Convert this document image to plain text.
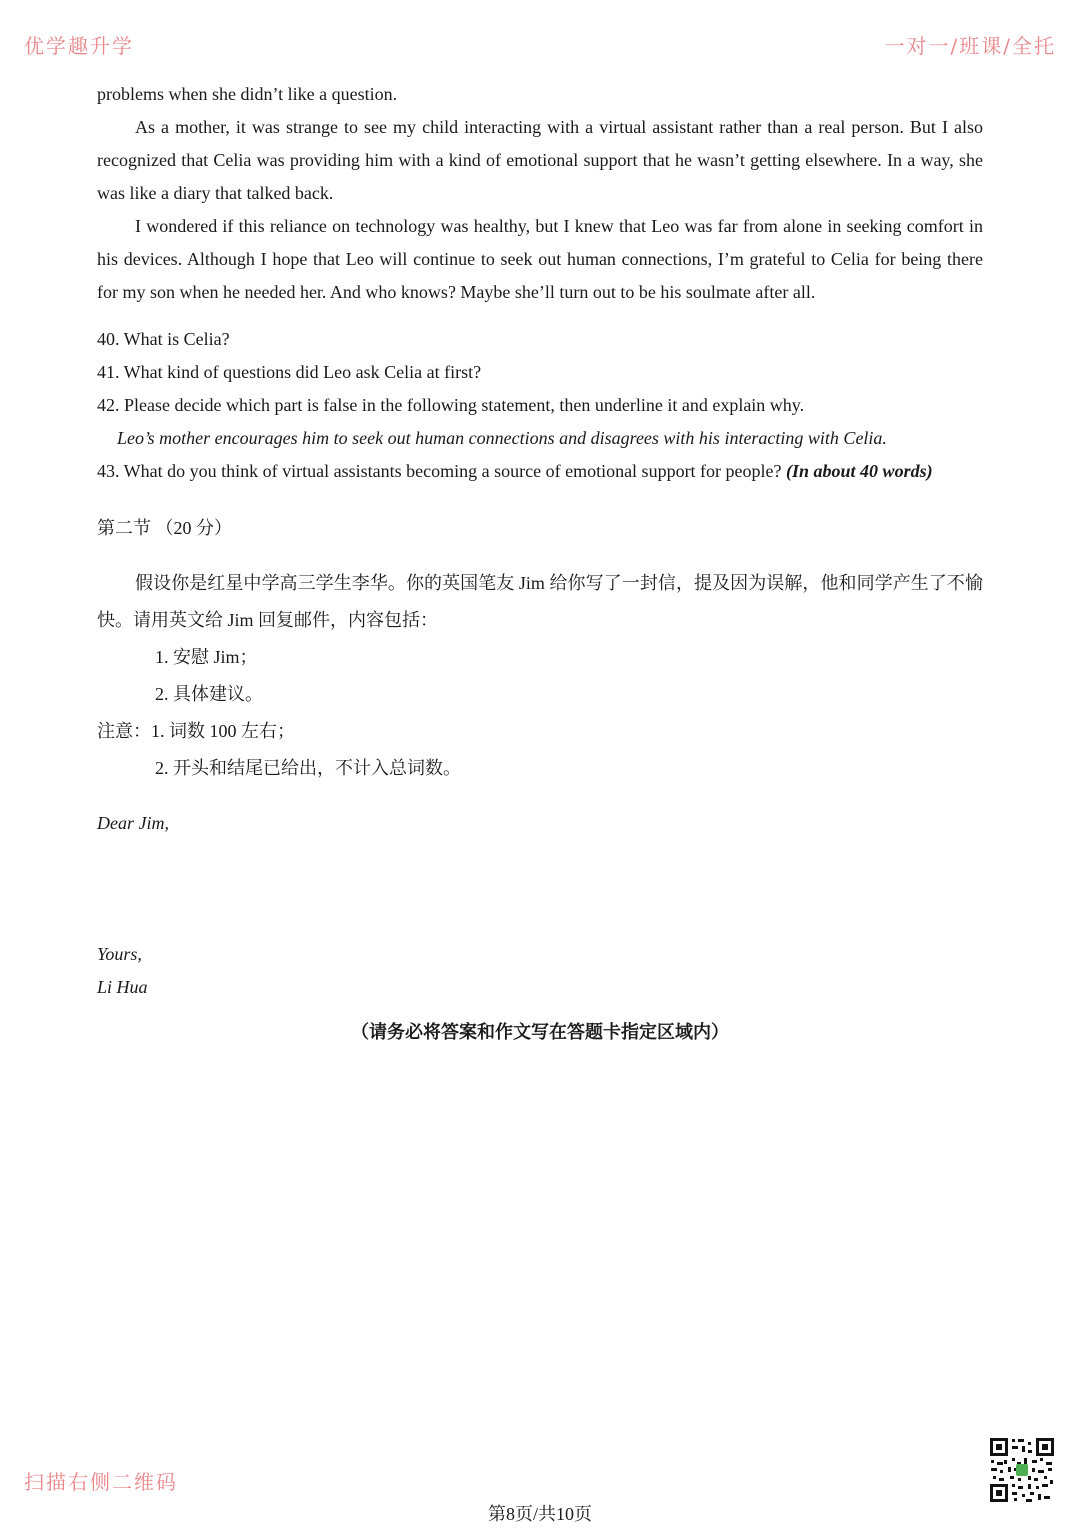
优学趣升学	一对一/班课/全托

problems when she didn’t like a question.

As a mother, it was strange to see my child interacting with a virtual assistant rather than a real person. But I also recognized that Celia was providing him with a kind of emotional support that he wasn’t getting elsewhere. In a way, she was like a diary that talked back.

I wondered if this reliance on technology was healthy, but I knew that Leo was far from alone in seeking comfort in his devices. Although I hope that Leo will continue to seek out human connections, I’m grateful to Celia for being there for my son when he needed her. And who knows? Maybe she’ll turn out to be his soulmate after all.

40. What is Celia?

41. What kind of questions did Leo ask Celia at first?

42. Please decide which part is false in the following statement, then underline it and explain why.

Leo’s mother encourages him to seek out human connections and disagrees with his interacting with Celia.

43. What do you think of virtual assistants becoming a source of emotional support for people? (In about 40 words)

第二节 （20 分）

假设你是红星中学高三学生李华。你的英国笔友 Jim 给你写了一封信，提及因为误解，他和同学产生了不愉快。请用英文给 Jim 回复邮件，内容包括：

1. 安慰 Jim；

2. 具体建议。

注意：1. 词数 100 左右；

2. 开头和结尾已给出，不计入总词数。

Dear Jim,

Yours,

Li Hua

（请务必将答案和作文写在答题卡指定区域内）
扫描右侧二维码
第8页/共10页
